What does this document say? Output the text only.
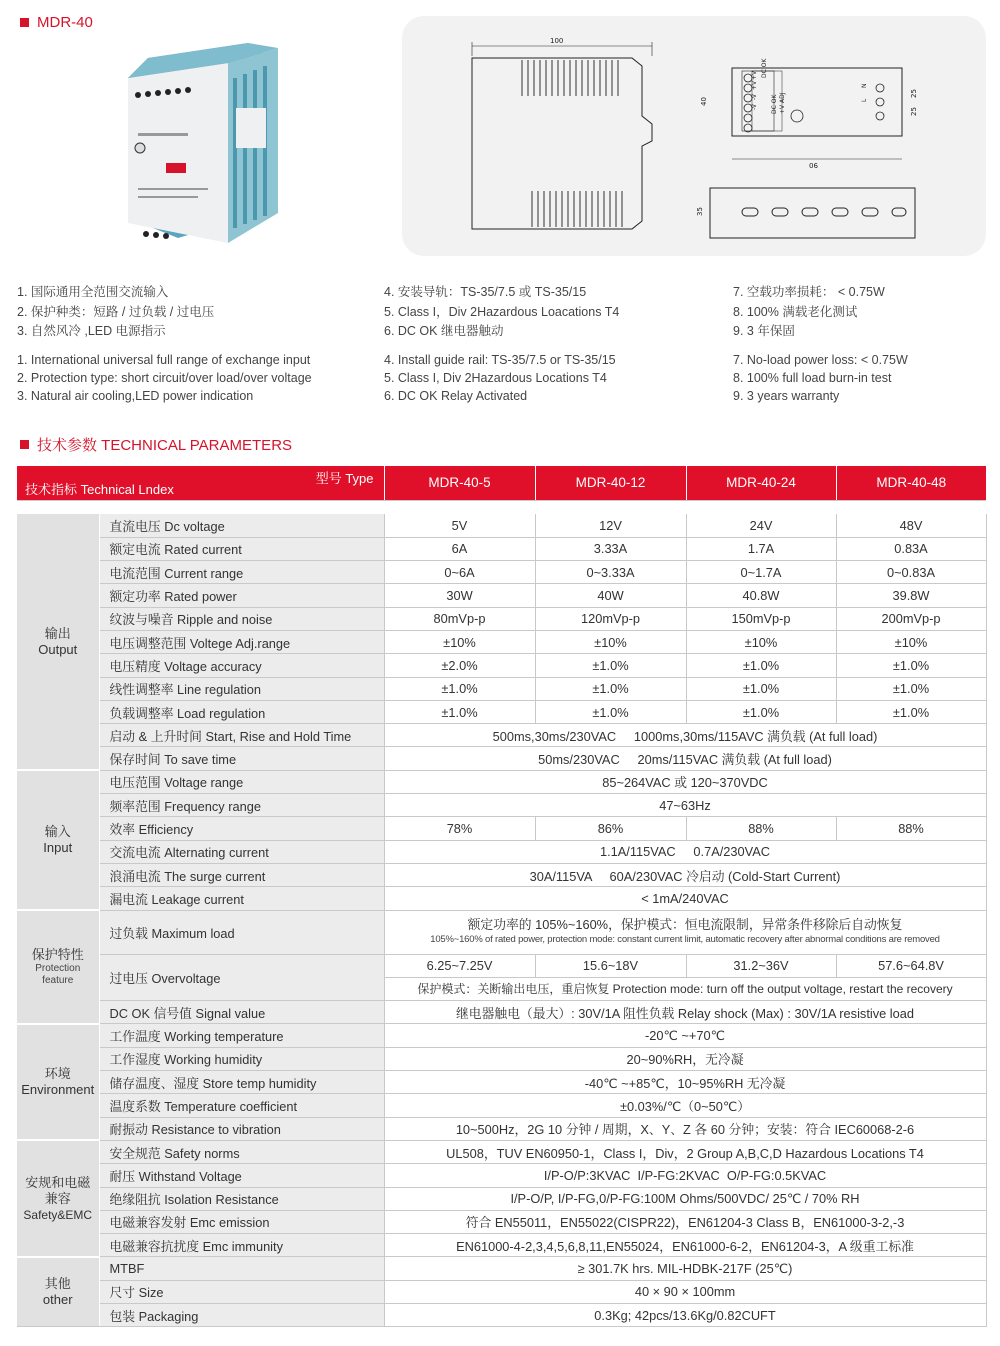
MDR-40
100
90
40
25
25
+V
+V
-V
-V
DC OK
DC OK +V ADJ
N
L
35
1. 国际通用全范围交流输入
2. 保护种类：短路 / 过负载 / 过电压
3. 自然风冷 ,LED 电源指示
4. 安装导轨：TS-35/7.5 或 TS-35/15
5. Class I，Div 2Hazardous Loacations T4
6. DC OK 继电器触动
7. 空载功率损耗： < 0.75W
8. 100% 满载老化测试
9. 3 年保固
1. International universal full range of exchange input
2. Protection type: short circuit/over load/over voltage
3. Natural air cooling,LED power indication
4. Install guide rail: TS-35/7.5 or TS-35/15
5. Class I, Div 2Hazardous Locations T4
6. DC OK Relay Activated
7. No-load power loss: < 0.75W
8. 100% full load burn-in test
9. 3 years warranty
技术参数 TECHNICAL PARAMETERS
型号 Type
技术指标 Technical Lndex		MDR-40-5	MDR-40-12	MDR-40-24	MDR-40-48

输出
Output	直流电压 Dc voltage	5V	12V	24V	48V
	额定电流 Rated current	6A	3.33A	1.7A	0.83A
	电流范围 Current range	0~6A	0~3.33A	0~1.7A	0~0.83A
	额定功率 Rated power	30W	40W	40.8W	39.8W
	纹波与噪音 Ripple and noise	80mVp-p	120mVp-p	150mVp-p	200mVp-p
	电压调整范围 Voltege Adj.range	±10%	±10%	±10%	±10%
	电压精度 Voltage accuracy	±2.0%	±1.0%	±1.0%	±1.0%
	线性调整率 Line regulation	±1.0%	±1.0%	±1.0%	±1.0%
	负载调整率 Load regulation	±1.0%	±1.0%	±1.0%	±1.0%
	启动 & 上升时间 Start, Rise and Hold Time	500ms,30ms/230VAC     1000ms,30ms/115AVC 满负载 (At full load)			
	保存时间 To save time	50ms/230VAC     20ms/115VAC 满负载 (At full load)			
输入
Input	电压范围 Voltage range	85~264VAC 或 120~370VDC			
	频率范围 Frequency range	47~63Hz			
	效率 Efficiency	78%	86%	88%	88%
	交流电流 Alternating current	1.1A/115VAC     0.7A/230VAC			
	浪涌电流 The surge current	30A/115VA     60A/230VAC 冷启动 (Cold-Start Current)			
	漏电流 Leakage current	< 1mA/240VAC			
保护特性
Protection feature	过负载 Maximum load	额定功率的 105%~160%，保护模式：恒电流限制，异常条件移除后自动恢复
105%~160% of rated power, protection mode: constant current limit, automatic recovery after abnormal conditions are removed			

	过电压 Overvoltage	6.25~7.25V	15.6~18V	31.2~36V	57.6~64.8V
		保护模式：关断输出电压，重启恢复 Protection mode: turn off the output voltage, restart the recovery			
	DC OK 信号值 Signal value	继电器触电（最大）: 30V/1A 阻性负载 Relay shock (Max) : 30V/1A resistive load			
环境
Environment	工作温度 Working temperature	-20℃ ~+70℃			
	工作湿度 Working humidity	20~90%RH，无冷凝			
	储存温度、湿度 Store temp humidity	-40℃ ~+85℃，10~95%RH 无冷凝			
	温度系数 Temperature coefficient	±0.03%/℃（0~50℃）			
	耐振动 Resistance to vibration	10~500Hz，2G 10 分钟 / 周期，X、Y、Z 各 60 分钟；安装：符合 IEC60068-2-6			
安规和电磁兼容
Safety&EMC	安全规范 Safety norms	UL508，TUV EN60950-1，Class I，Div，2 Group A,B,C,D Hazardous Locations T4			
	耐压 Withstand Voltage	I/P-O/P:3KVAC  I/P-FG:2KVAC  O/P-FG:0.5KVAC			
	绝缘阻抗 Isolation Resistance	I/P-O/P, I/P-FG,0/P-FG:100M Ohms/500VDC/ 25℃ / 70% RH			
	电磁兼容发射 Emc emission	符合 EN55011，EN55022(CISPR22)，EN61204-3 Class B，EN61000-3-2,-3			
	电磁兼容抗扰度 Emc immunity	EN61000-4-2,3,4,5,6,8,11,EN55024，EN61000-6-2，EN61204-3，A 级重工标准			
其他
other	MTBF	≥ 301.7K hrs. MIL-HDBK-217F (25℃)			
	尺寸 Size	40 × 90 × 100mm			
	包装 Packaging	0.3Kg; 42pcs/13.6Kg/0.82CUFT			
